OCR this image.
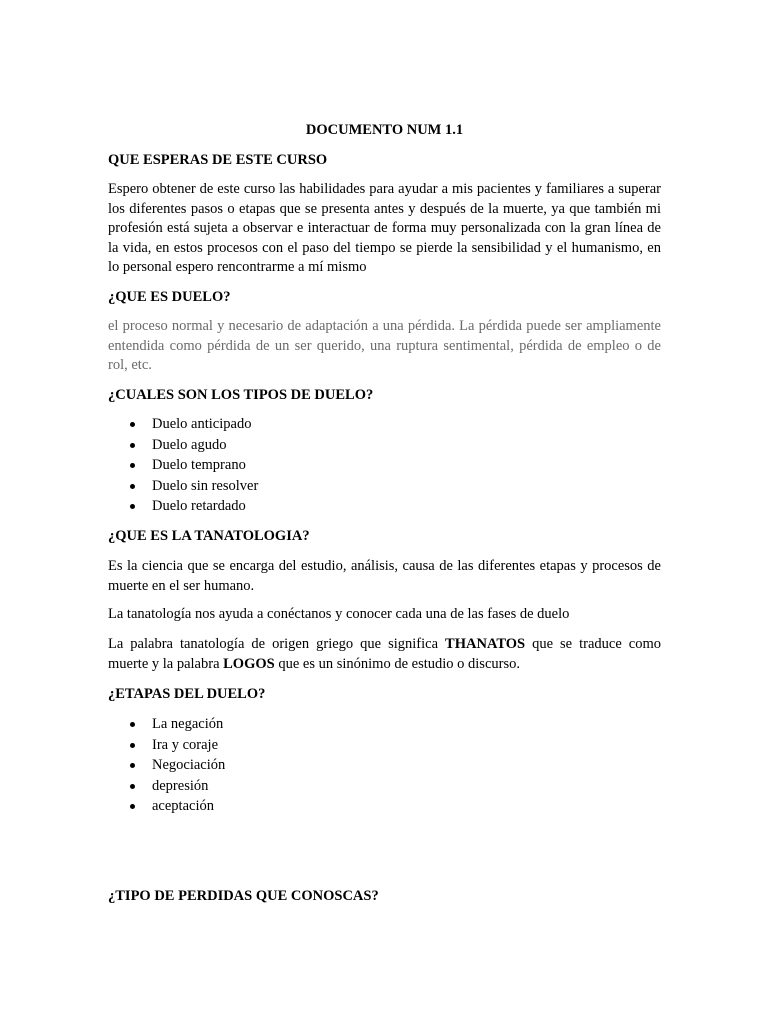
DOCUMENTO NUM 1.1
QUE ESPERAS DE ESTE CURSO

Espero obtener de este curso las habilidades para ayudar a mis pacientes y familiares a superar los diferentes pasos o etapas que se presenta antes y después de la muerte, ya que también mi profesión está sujeta a observar e interactuar de forma muy personalizada con la gran línea de la vida, en estos procesos con el paso del tiempo se pierde la sensibilidad y el humanismo, en lo personal espero rencontrarme a mí mismo

¿QUE ES DUELO?

el proceso normal y necesario de adaptación a una pérdida. La pérdida puede ser ampliamente entendida como pérdida de un ser querido, una ruptura sentimental, pérdida de empleo o de rol, etc.

¿CUALES SON LOS TIPOS DE DUELO?
Duelo anticipado
Duelo agudo
Duelo temprano
Duelo sin resolver
Duelo retardado
¿QUE ES LA TANATOLOGIA?

Es la ciencia que se encarga del estudio, análisis, causa de las diferentes etapas y procesos de muerte en el ser humano.

La tanatología nos ayuda a conéctanos y conocer cada una de las fases de duelo

La palabra tanatología de origen griego que significa THANATOS que se traduce como muerte y la palabra LOGOS que es un sinónimo de estudio o discurso.

¿ETAPAS DEL DUELO?
La negación
Ira y coraje
Negociación
depresión
aceptación
¿TIPO DE PERDIDAS QUE CONOSCAS?
